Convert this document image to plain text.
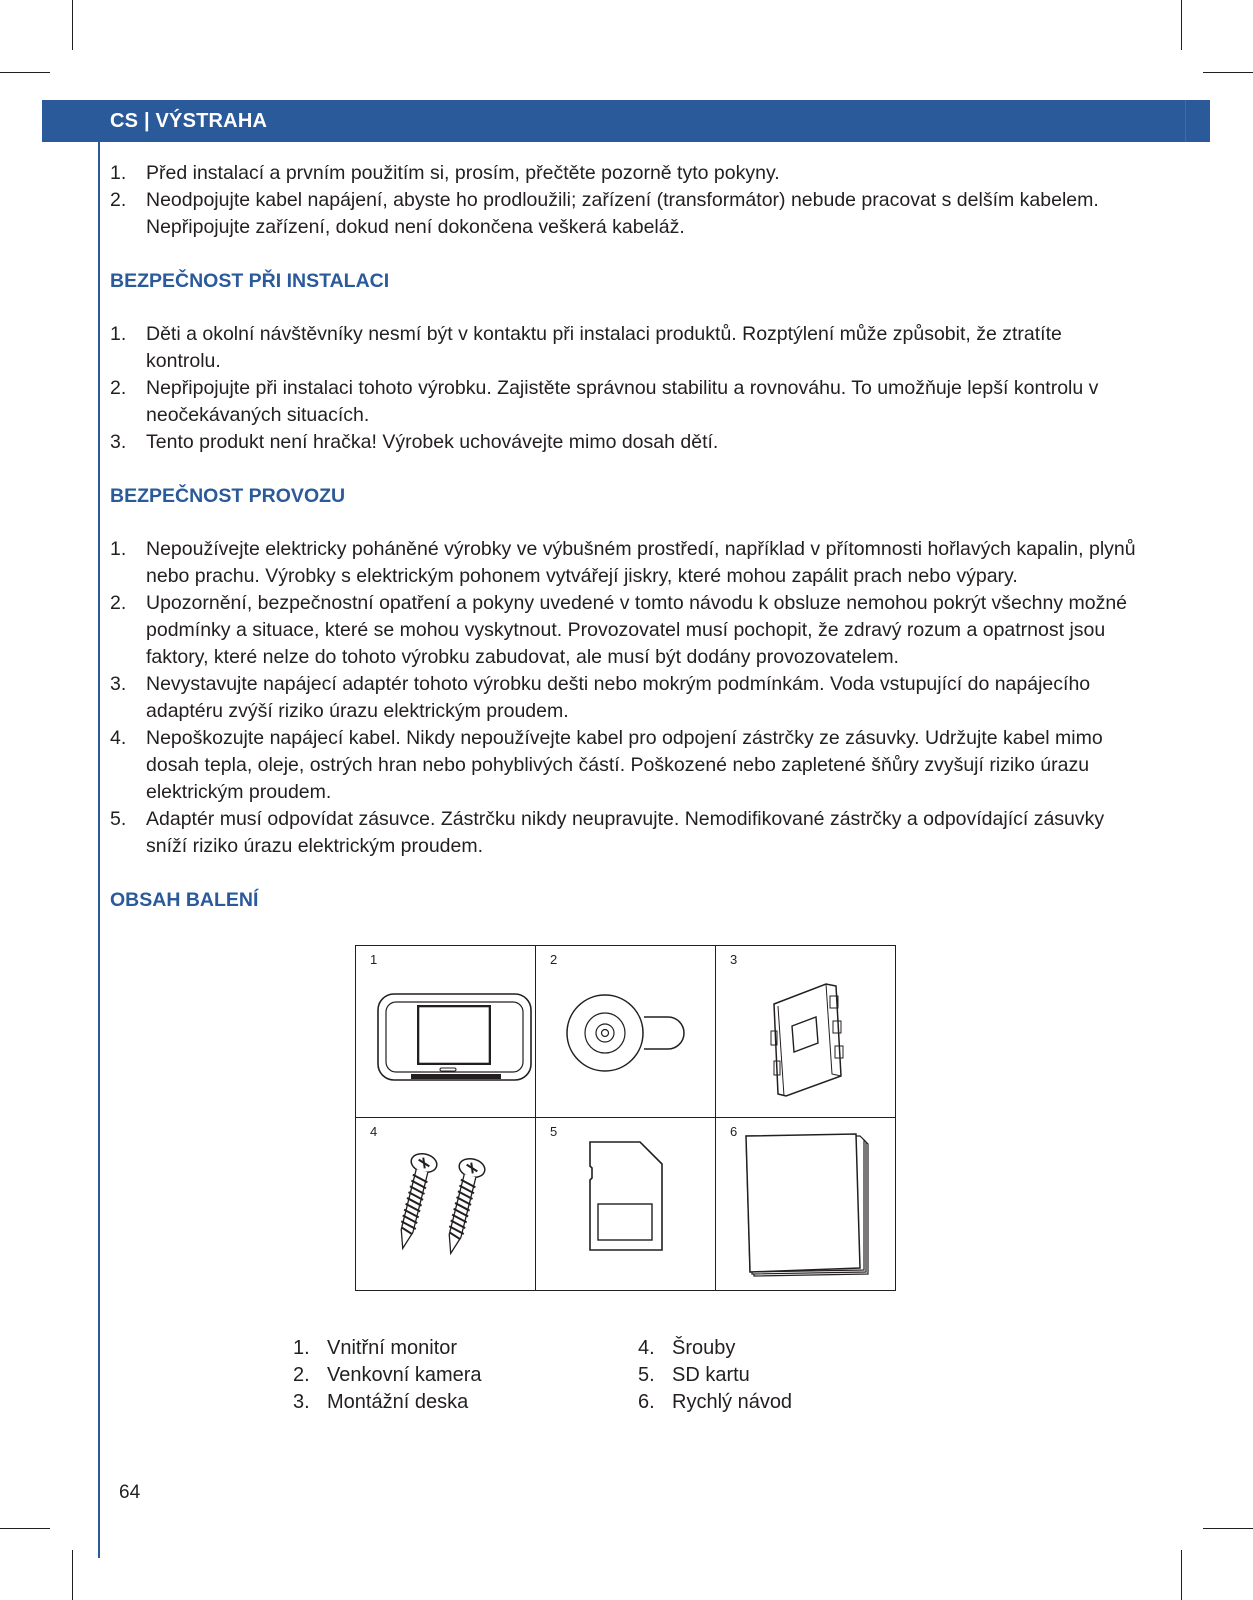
CS | VÝSTRAHA
1. Před instalací a prvním použitím si, prosím, přečtěte pozorně tyto pokyny.
2. Neodpojujte kabel napájení, abyste ho prodloužili; zařízení (transformátor) nebude pracovat s delším kabelem. Nepřipojujte zařízení, dokud není dokončena veškerá kabeláž.
BEZPEČNOST PŘI INSTALACI
1. Děti a okolní návštěvníky nesmí být v kontaktu při instalaci produktů. Rozptýlení může způsobit, že ztratíte kontrolu.
2. Nepřipojujte při instalaci tohoto výrobku. Zajistěte správnou stabilitu a rovnováhu. To umožňuje lepší kontrolu v neočekávaných situacích.
3. Tento produkt není hračka! Výrobek uchovávejte mimo dosah dětí.
BEZPEČNOST PROVOZU
1. Nepoužívejte elektricky poháněné výrobky ve výbušném prostředí, například v přítomnosti hořlavých kapalin, plynů nebo prachu. Výrobky s elektrickým pohonem vytvářejí jiskry, které mohou zapálit prach nebo výpary.
2. Upozornění, bezpečnostní opatření a pokyny uvedené v tomto návodu k obsluze nemohou pokrýt všechny možné podmínky a situace, které se mohou vyskytnout. Provozovatel musí pochopit, že zdravý rozum a opatrnost jsou faktory, které nelze do tohoto výrobku zabudovat, ale musí být dodány provozovatelem.
3. Nevystavujte napájecí adaptér tohoto výrobku dešti nebo mokrým podmínkám. Voda vstupující do napájecího adaptéru zvýší riziko úrazu elektrickým proudem.
4. Nepoškozujte napájecí kabel. Nikdy nepoužívejte kabel pro odpojení zástrčky ze zásuvky. Udržujte kabel mimo dosah tepla, oleje, ostrých hran nebo pohyblivých částí. Poškozené nebo zapletené šňůry zvyšují riziko úrazu elektrickým proudem.
5. Adaptér musí odpovídat zásuvce. Zástrčku nikdy neupravujte. Nemodifikované zástrčky a odpovídající zásuvky sníží riziko úrazu elektrickým proudem.
OBSAH BALENÍ
1	2	3
4	5	6
1. Vnitřní monitor
2. Venkovní kamera
3. Montážní deska
4. Šrouby
5. SD kartu
6. Rychlý návod
64
